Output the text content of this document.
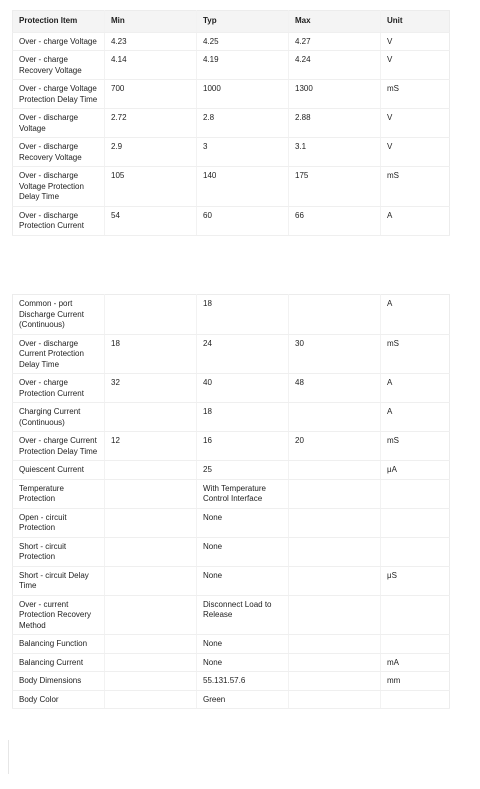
Protection Item	Min	Typ	Max	Unit
Over - charge Voltage	4.23	4.25	4.27	V
Over - charge Recovery Voltage	4.14	4.19	4.24	V
Over - charge Voltage Protection Delay Time	700	1000	1300	mS
Over - discharge Voltage	2.72	2.8	2.88	V
Over - discharge Recovery Voltage	2.9	3	3.1	V
Over - discharge Voltage Protection Delay Time	105	140	175	mS
Over - discharge Protection Current	54	60	66	A
Common - port Discharge Current (Continuous)		18		A
Over - discharge Current Protection Delay Time	18	24	30	mS
Over - charge Protection Current	32	40	48	A
Charging Current (Continuous)		18		A
Over - charge Current Protection Delay Time	12	16	20	mS
Quiescent Current		25		μA
Temperature Protection		With Temperature Control Interface		
Open - circuit Protection		None		
Short - circuit Protection		None		
Short - circuit Delay Time		None		μS
Over - current Protection Recovery Method		Disconnect Load to Release		
Balancing Function		None		
Balancing Current		None		mA
Body Dimensions		55.131.57.6		mm
Body Color		Green		
